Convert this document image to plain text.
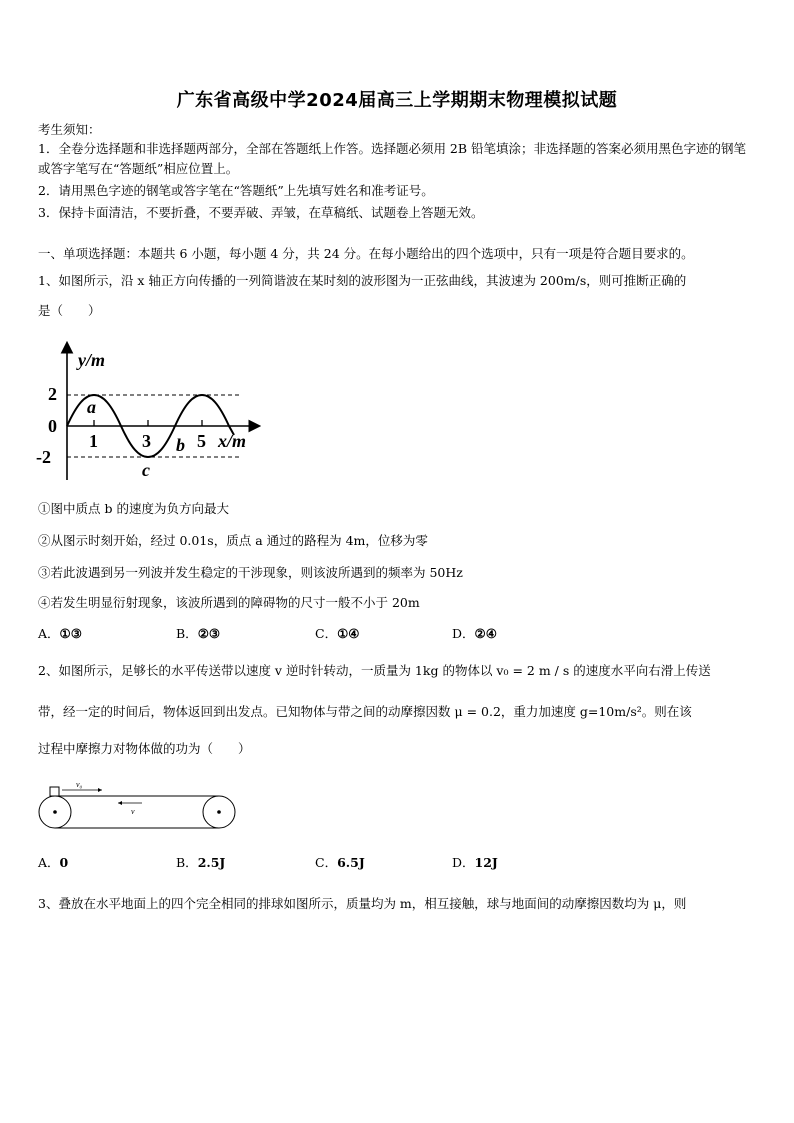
广东省高级中学2024届高三上学期期末物理模拟试题
考生须知：
1．全卷分选择题和非选择题两部分，全部在答题纸上作答。选择题必须用 2B 铅笔填涂；非选择题的答案必须用黑色字迹的钢笔或答字笔写在“答题纸”相应位置上。
2．请用黑色字迹的钢笔或答字笔在“答题纸”上先填写姓名和准考证号。
3．保持卡面清洁，不要折叠，不要弄破、弄皱，在草稿纸、试题卷上答题无效。
一、单项选择题：本题共 6 小题，每小题 4 分，共 24 分。在每小题给出的四个选项中，只有一项是符合题目要求的。
1、如图所示，沿 x 轴正方向传播的一列简谐波在某时刻的波形图为一正弦曲线，其波速为 200m/s，则可推断正确的
是（　　）
y/m
2
0
-2
1 3	5 x/m
a
b
c
①图中质点 b 的速度为负方向最大
②从图示时刻开始，经过 0.01s，质点 a 通过的路程为 4m，位移为零
③若此波遇到另一列波并发生稳定的干涉现象，则该波所遇到的频率为 50Hz
④若发生明显衍射现象，该波所遇到的障碍物的尺寸一般不小于 20m
A．①③	B．②③	C．①④	D．②④
2、如图所示，足够长的水平传送带以速度 v 逆时针转动，一质量为 1kg 的物体以 v₀ = 2 m / s 的速度水平向右滑上传送
带，经一定的时间后，物体返回到出发点。已知物体与带之间的动摩擦因数 μ = 0.2，重力加速度 g=10m/s²。则在该
过程中摩擦力对物体做的功为（　　）
v₀
v
A．0	B．2.5J	C．6.5J	D．12J
3、叠放在水平地面上的四个完全相同的排球如图所示，质量均为 m，相互接触，球与地面间的动摩擦因数均为 μ，则
